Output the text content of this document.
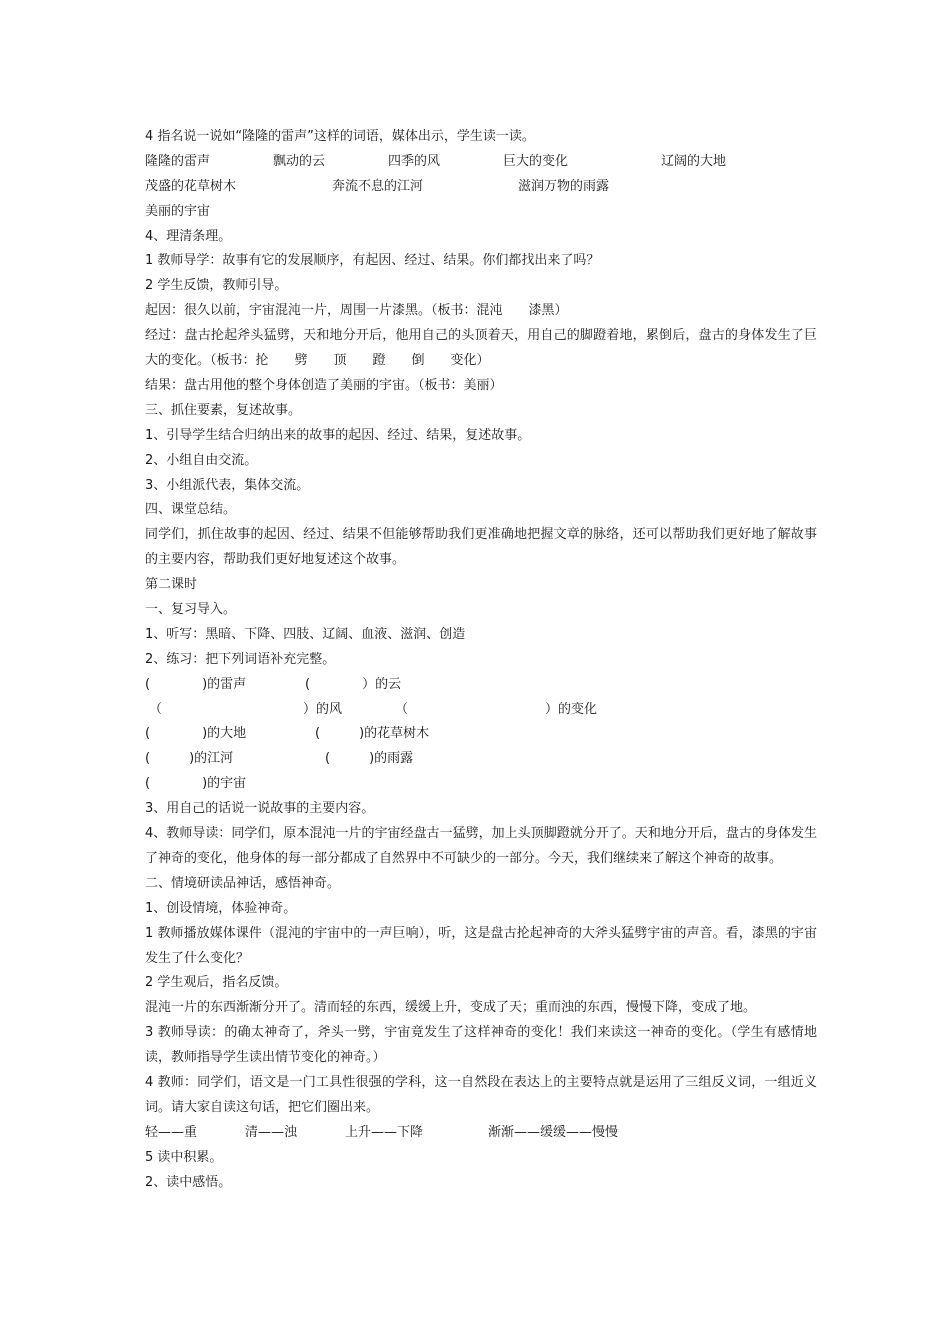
4 指名说一说如“隆隆的雷声”这样的词语，媒体出示，学生读一读。
隆隆的雷声	飘动的云	四季的风	巨大的变化	辽阔的大地
茂盛的花草树木	奔流不息的江河	滋润万物的雨露
美丽的宇宙
4、理清条理。
1 教师导学：故事有它的发展顺序，有起因、经过、结果。你们都找出来了吗？
2 学生反馈，教师引导。
起因：很久以前，宇宙混沌一片，周围一片漆黑。（板书：混沌　　漆黑）
经过：盘古抡起斧头猛劈，天和地分开后，他用自己的头顶着天，用自己的脚蹬着地，累倒后，盘古的身体发生了巨大的变化。（板书：抡　　劈　　顶　　蹬　　倒　　变化）
结果：盘古用他的整个身体创造了美丽的宇宙。（板书：美丽）
三、抓住要素，复述故事。
1、引导学生结合归纳出来的故事的起因、经过、结果，复述故事。
2、小组自由交流。
3、小组派代表，集体交流。
四、课堂总结。
同学们，抓住故事的起因、经过、结果不但能够帮助我们更准确地把握文章的脉络，还可以帮助我们更好地了解故事的主要内容，帮助我们更好地复述这个故事。
第二课时
一、复习导入。
1、听写：黑暗、下降、四肢、辽阔、血液、滋润、创造
2、练习：把下列词语补充完整。
(　　　　)的雷声	(　　　　）的云
（	）的风	（	）的变化
(　　　　)的大地	(　　　)的花草树木
(　　　)的江河	(　　　)的雨露
(　　　　)的宇宙
3、用自己的话说一说故事的主要内容。
4、教师导读：同学们，原本混沌一片的宇宙经盘古一猛劈，加上头顶脚蹬就分开了。天和地分开后，盘古的身体发生了神奇的变化，他身体的每一部分都成了自然界中不可缺少的一部分。今天，我们继续来了解这个神奇的故事。
二、情境研读品神话，感悟神奇。
1、创设情境，体验神奇。
1 教师播放媒体课件（混沌的宇宙中的一声巨响），听，这是盘古抡起神奇的大斧头猛劈宇宙的声音。看，漆黑的宇宙发生了什么变化？
2 学生观后，指名反馈。
混沌一片的东西渐渐分开了。清而轻的东西，缓缓上升，变成了天；重而浊的东西，慢慢下降，变成了地。
3 教师导读：的确太神奇了，斧头一劈，宇宙竟发生了这样神奇的变化！我们来读这一神奇的变化。（学生有感情地读，教师指导学生读出情节变化的神奇。）
4 教师：同学们，语文是一门工具性很强的学科，这一自然段在表达上的主要特点就是运用了三组反义词，一组近义词。请大家自读这句话，把它们圈出来。
轻——重	清——浊	上升——下降	渐渐——缓缓——慢慢
5 读中积累。
2、读中感悟。
